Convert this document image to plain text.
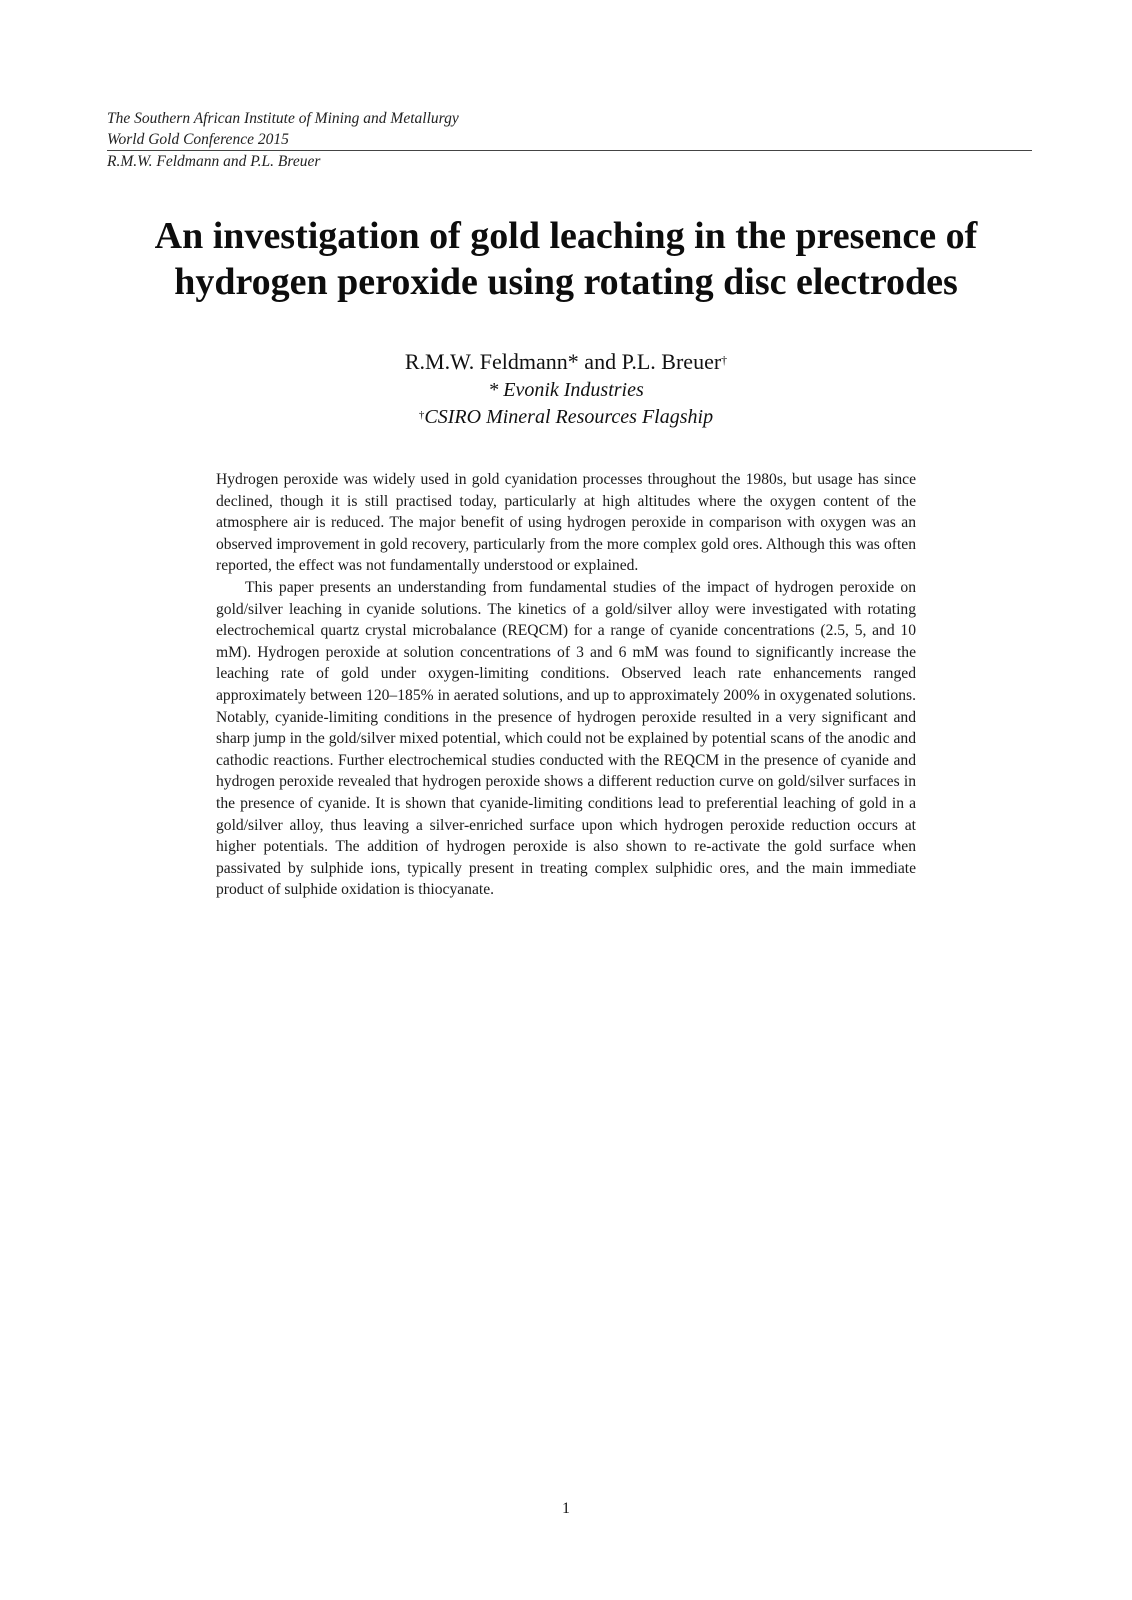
The Southern African Institute of Mining and Metallurgy
World Gold Conference 2015
R.M.W. Feldmann and P.L. Breuer
An investigation of gold leaching in the presence of
hydrogen peroxide using rotating disc electrodes
R.M.W. Feldmann* and P.L. Breuer†
* Evonik Industries
†CSIRO Mineral Resources Flagship

Hydrogen peroxide was widely used in gold cyanidation processes throughout the 1980s, but usage has since declined, though it is still practised today, particularly at high altitudes where the oxygen content of the atmosphere air is reduced. The major benefit of using hydrogen peroxide in comparison with oxygen was an observed improvement in gold recovery, particularly from the more complex gold ores. Although this was often reported, the effect was not fundamentally understood or explained.

This paper presents an understanding from fundamental studies of the impact of hydrogen peroxide on gold/silver leaching in cyanide solutions. The kinetics of a gold/silver alloy were investigated with rotating electrochemical quartz crystal microbalance (REQCM) for a range of cyanide concentrations (2.5, 5, and 10 mM). Hydrogen peroxide at solution concentrations of 3 and 6 mM was found to significantly increase the leaching rate of gold under oxygen-limiting conditions. Observed leach rate enhancements ranged approximately between 120–185% in aerated solutions, and up to approximately 200% in oxygenated solutions. Notably, cyanide-limiting conditions in the presence of hydrogen peroxide resulted in a very significant and sharp jump in the gold/silver mixed potential, which could not be explained by potential scans of the anodic and cathodic reactions. Further electrochemical studies conducted with the REQCM in the presence of cyanide and hydrogen peroxide revealed that hydrogen peroxide shows a different reduction curve on gold/silver surfaces in the presence of cyanide. It is shown that cyanide-limiting conditions lead to preferential leaching of gold in a gold/silver alloy, thus leaving a silver-enriched surface upon which hydrogen peroxide reduction occurs at higher potentials. The addition of hydrogen peroxide is also shown to re-activate the gold surface when passivated by sulphide ions, typically present in treating complex sulphidic ores, and the main immediate product of sulphide oxidation is thiocyanate.

1
